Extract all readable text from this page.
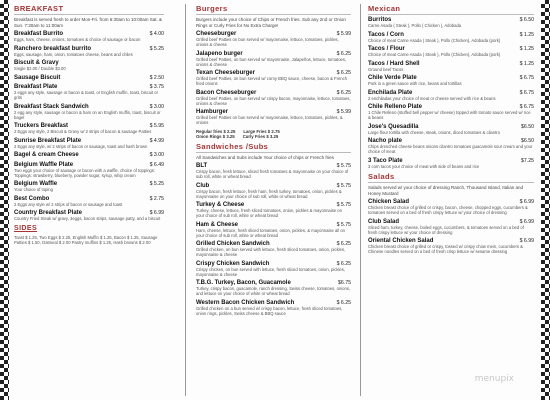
BREAKFAST
Breakfast is served fresh to order Mon-Fri. from 6:30am to 10:00am Sat. & Sun. 7:30am to 11:00am
Breakfast Burrito	$ 4.00
Eggs, ham, cheese, onions, tomatoes & choice of sausage or bacon
Ranchero breakfast burrito	$ 5.25
Eggs, sausage, ham, onion, tomatoes cheese, beans and chiles
Biscuit & Gravy
Single $2.00 / Double $3.00
Sausage Biscuit	$ 2.50
Breakfast Plate	$ 3.75
2 eggs any style, sausage or bacon & toast, or English muffin, toast, biscuit or grits
Breakfast Stack Sandwich	$ 3.00
2 egg any style, sausage or bacon & ham on an English muffin, toast, biscuit or bagel
Truckers Breakfast	$ 5.95
2 Eggs any style, 2 Biscuit & Gravy w/ 2 strips of bacon & sausage Patties
Sunrise Breakfast Plate	$ 4.99
2 Eggs any style, w/ 2 strips of bacon or sausage, toast and hash brown
Bagel & cream Cheese	$ 3.00
Belgium Waffle Plate	$ 6.49
Two eggs your choice of sausage or bacon with a waffle, choice of toppings: Toppings: strawberry, blueberry, powder sugar, syrup, whip cream
Belgium Waffle	$ 5.25
Your choice of toping
Best Combo	$ 2.75
2 Eggs any style w/ 2 strips of bacon or sausage and toast
Country Breakfast Plate	$ 6.99
Country Fried Steak w/ gravy, 3eggs, bacon strips, sausage patty, and a biscuit
SIDES
Toast $ 1.25, Two Eggs $ 2.25, English Muffin $ 1.25, Bacon $ 1.25, Sausage Patties $ 1.50, Oatmeal $ 2.00 Pastry muffins $ 1.25, Hash browns $ 2.00
Burgers
Burgers include your choice of Chips or French fries. Sub any 2nd or Onion Rings or Curly Fries for No Extra Charge!
Cheeseburger	$ 5.99
Grilled beef Patties on bun served w/ mayonnaise, lettuce, tomatoes, pickles, onions & cheese
Jalapeno burger	$ 6.25
Grilled beef Patties, on bun served w/ mayonnaise, Jalapeños, lettuce, tomatoes, onions & cheese
Texan Cheeseburger	$ 6.25
Grilled beef Patties, on bun served w/ corny BBQ sauce, cheese, bacon & French fried onions
Bacon Cheeseburger	$ 6.25
Grilled beef Patties, on bun served w/ crispy bacon, mayonnaise, lettuce, tomatoes, onions & cheese
Hamburger	$ 5.99
Grilled beef Patties on bun served w/ mayonnaise, lettuce, tomatoes, pickles, & onions
Regular fries $ 2.25 Large Fries $ 2.75
Onion Rings $ 3.25 Curly Fries $ 3.25
Sandwiches /Subs
All Sandwiches and Subs include Your choice of chips or French fries
BLT	$ 5.75
Crispy bacon, fresh lettuce, sliced fresh tomatoes & mayonnaise on your choice of sub roll, white or wheat bread
Club	$ 5.75
Crispy bacon, fresh lettuce, fresh ham, fresh turkey, tomatoes, onion, pickles & mayonnaise on your choice of sub roll, white or wheat bread
Turkey & Cheese	$ 5.75
Turkey, cheese, lettuce, fresh sliced tomatoes, onion, pickles & mayonnaise on your choice of sub roll, white or wheat bread
Ham & Cheese	$ 5.75
Ham, cheese, lettuce, fresh sliced tomatoes, onion, pickles, & mayonnaise all on your choice of sub roll, white or wheat bread
Grilled Chicken Sandwich	$ 6.25
Grilled chicken, on bun served with lettuce, fresh sliced tomatoes, onion, pickles, mayonnaise & cheese
Crispy Chicken Sandwich	$ 6.25
Crispy chicken, on bun served with lettuce, fresh sliced tomatoes, onion, pickles, mayonnaise & cheese
T.B.G. Turkey, Bacon, Guacamole	$6.75
Turkey, crispy bacon, guacamole, ranch dressing, Swiss cheese, tomatoes, onions, and lettuce on your choice of white or wheat bread
Western Bacon Chicken Sandwich	$ 6.25
Grilled chicken on a bun served w/ crispy bacon, lettuce, fresh sliced tomatoes, onion rings, pickles, Swiss cheese & BBQ sauce
Mexican
Burritos	$ 6.50
Carne Asada ( Steak ), Pollo ( Chicken ), Adobada
Tacos / Corn	$ 1.25
Choice of meat Carne Asada ( Steak ), Pollo (Chicken), Adobada (pork)
Tacos / Flour	$ 1.25
Choice of meat Carne Asada ( Steak ), Pollo (Chicken), Adobada (pork)
Tacos / Hard Shell	$ 1.25
Ground beef Tacos
Chile Verde Plate	$ 6.75
Pork in a green sauce with rice, beans and tortillas
Enchilada Plate	$ 6.75
2 enchiladas your choice of meat or cheese served with rice & beans
Chile Relleno Plate	$ 6.75
1 Chile Relleno (stuffed bell pepper w/ cheese) topped with tomato sauce served w/ rice & beans
Jose's Quesadilla	$6.50
Large flour tortilla with cheese, steak, onions, diced tomatoes & cilantro
Nacho plate	$6.50
Chips drenched cheese beans onions cilantro tomatoes guacamole sour cream and your choice of meat
3 Taco Plate	$7.25
3 corn tacos your choice of meat with side of beans and rice
Salads
Salads served w/ your choice of dressing Ranch, Thousand Island, Italian and Honey Mustard
Chicken Salad	$ 6.99
Chicken breast choice of grilled or crispy, bacon, cheese, chopped eggs, cucumbers & tomatoes served on a bed of fresh crispy lettuce w/ your choice of dressing
Club Salad	$ 6.99
Sliced ham, turkey, cheese, boiled eggs, cucumbers, & tomatoes served on a bed of fresh crispy lettuce w/ your choice of dressing
Oriental Chicken Salad	$ 6.99
Chicken breast choice of grilled or crispy, tossed w/ crispy chow mein, cucumbers & Chinese noodles served on a bed of fresh crisp lettuce w/ sesame dressing
menupix
